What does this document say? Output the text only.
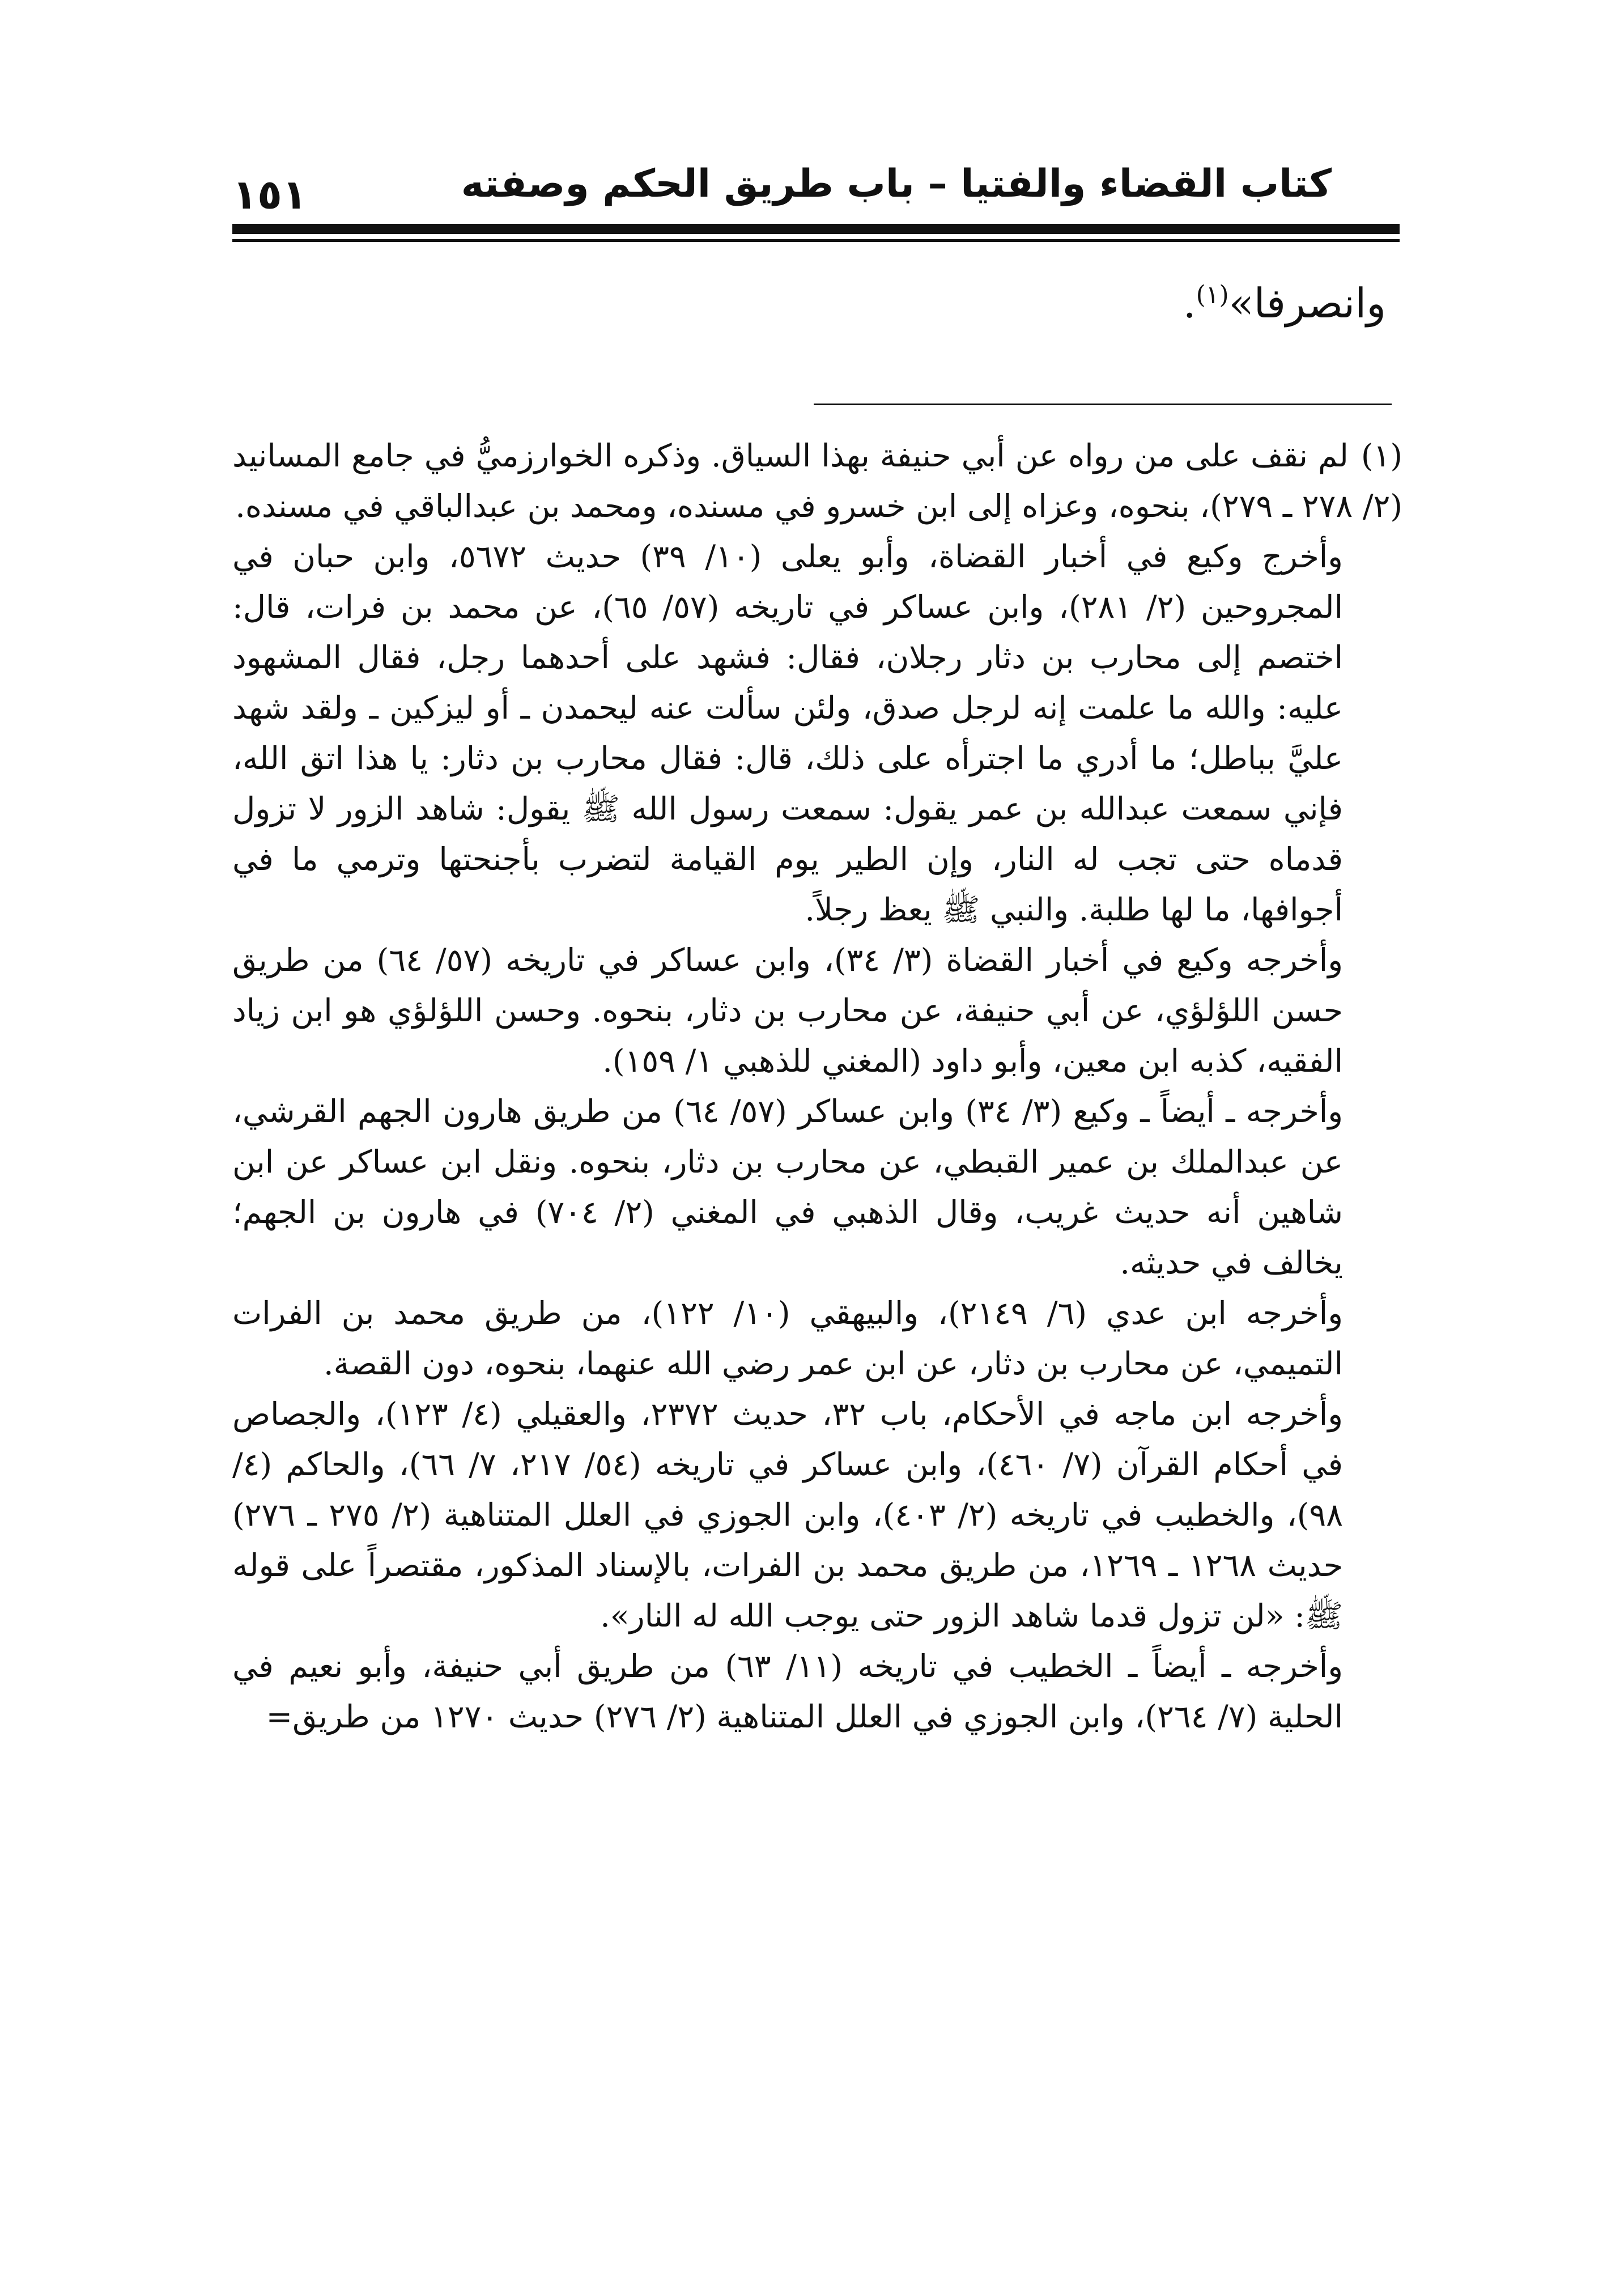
كتاب القضاء والفتيا – باب طريق الحكم وصفته
١٥١
وانصرفا»$^{(١)}$.

(١)لم نقف على من رواه عن أبي حنيفة بهذا السياق. وذكره الخوارزميُّ في جامع المسانيد (٢/ ٢٧٨ ـ ٢٧٩)، بنحوه، وعزاه إلى ابن خسرو في مسنده، ومحمد بن عبدالباقي في مسنده.

وأخرج وكيع في أخبار القضاة، وأبو يعلى (١٠/ ٣٩) حديث ٥٦٧٢، وابن حبان في المجروحين (٢/ ٢٨١)، وابن عساكر في تاريخه (٥٧/ ٦٥)، عن محمد بن فرات، قال: اختصم إلى محارب بن دثار رجلان، فقال: فشهد على أحدهما رجل، فقال المشهود عليه: والله ما علمت إنه لرجل صدق، ولئن سألت عنه ليحمدن ـ أو ليزكين ـ ولقد شهد عليَّ بباطل؛ ما أدري ما اجترأه على ذلك، قال: فقال محارب بن دثار: يا هذا اتق الله، فإني سمعت عبدالله بن عمر يقول: سمعت رسول الله ﷺ يقول: شاهد الزور لا تزول قدماه حتى تجب له النار، وإن الطير يوم القيامة لتضرب بأجنحتها وترمي ما في أجوافها، ما لها طلبة. والنبي ﷺ يعظ رجلاً.

وأخرجه وكيع في أخبار القضاة (٣/ ٣٤)، وابن عساكر في تاريخه (٥٧/ ٦٤) من طريق حسن اللؤلؤي، عن أبي حنيفة، عن محارب بن دثار، بنحوه. وحسن اللؤلؤي هو ابن زياد الفقيه، كذبه ابن معين، وأبو داود (المغني للذهبي ١/ ١٥٩).

وأخرجه ـ أيضاً ـ وكيع (٣/ ٣٤) وابن عساكر (٥٧/ ٦٤) من طريق هارون الجهم القرشي، عن عبدالملك بن عمير القبطي، عن محارب بن دثار، بنحوه. ونقل ابن عساكر عن ابن شاهين أنه حديث غريب، وقال الذهبي في المغني (٢/ ٧٠٤) في هارون بن الجهم؛ يخالف في حديثه.

وأخرجه ابن عدي (٦/ ٢١٤٩)، والبيهقي (١٠/ ١٢٢)، من طريق محمد بن الفرات التميمي، عن محارب بن دثار، عن ابن عمر رضي الله عنهما، بنحوه، دون القصة.

وأخرجه ابن ماجه في الأحكام، باب ٣٢، حديث ٢٣٧٢، والعقيلي (٤/ ١٢٣)، والجصاص في أحكام القرآن (٧/ ٤٦٠)، وابن عساكر في تاريخه (٥٤/ ٢١٧، ٧/ ٦٦)، والحاكم (٤/ ٩٨)، والخطيب في تاريخه (٢/ ٤٠٣)، وابن الجوزي في العلل المتناهية (٢/ ٢٧٥ ـ ٢٧٦) حديث ١٢٦٨ ـ ١٢٦٩، من طريق محمد بن الفرات، بالإسناد المذكور، مقتصراً على قوله ﷺ: «لن تزول قدما شاهد الزور حتى يوجب الله له النار».

وأخرجه ـ أيضاً ـ الخطيب في تاريخه (١١/ ٦٣) من طريق أبي حنيفة، وأبو نعيم في الحلية (٧/ ٢٦٤)، وابن الجوزي في العلل المتناهية (٢/ ٢٧٦) حديث ١٢٧٠ من طريق=
